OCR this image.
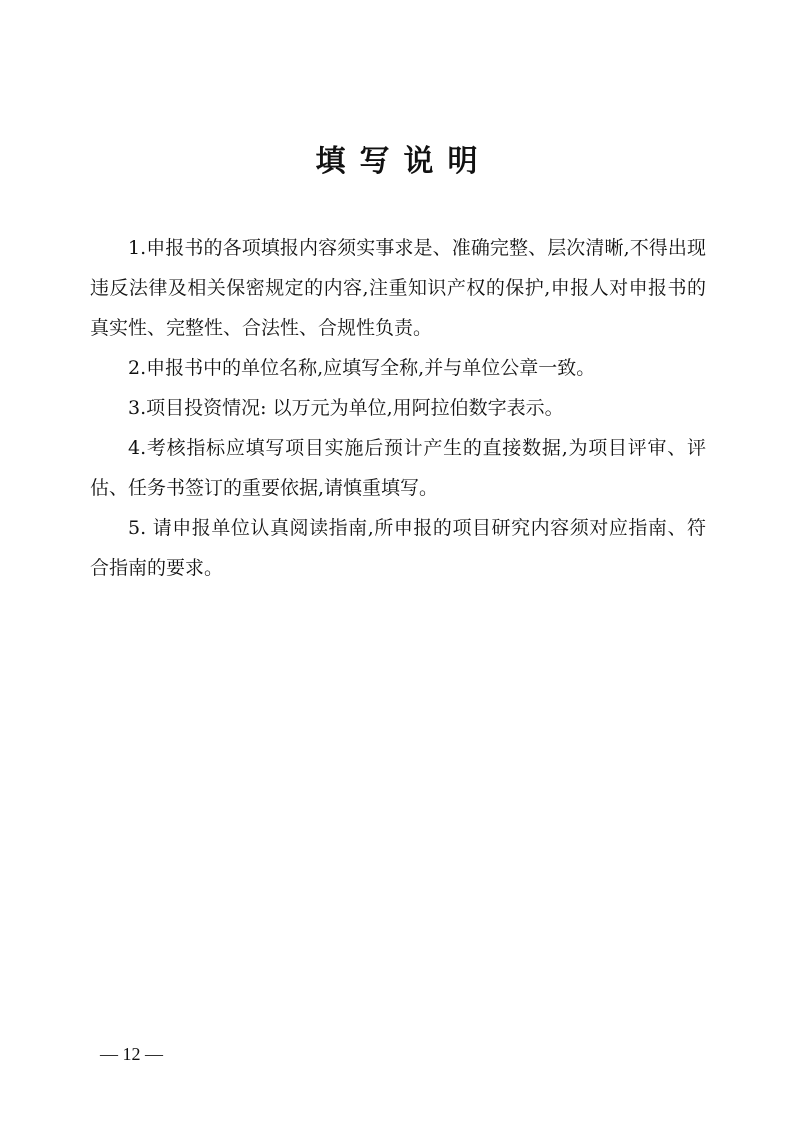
填写说明

1.申报书的各项填报内容须实事求是、准确完整、层次清晰,不得出现违反法律及相关保密规定的内容,注重知识产权的保护,申报人对申报书的真实性、完整性、合法性、合规性负责。

2.申报书中的单位名称,应填写全称,并与单位公章一致。

3.项目投资情况: 以万元为单位,用阿拉伯数字表示。

4.考核指标应填写项目实施后预计产生的直接数据,为项目评审、评估、任务书签订的重要依据,请慎重填写。

5. 请申报单位认真阅读指南,所申报的项目研究内容须对应指南、符合指南的要求。

— 12 —
